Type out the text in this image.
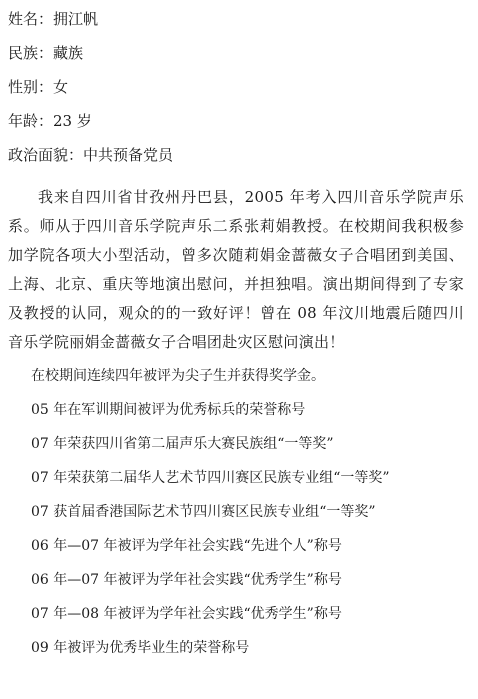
姓名：拥江帆
民族：藏族
性别：女
年龄：23 岁
政治面貌：中共预备党员
我来自四川省甘孜州丹巴县，2005 年考入四川音乐学院声乐系。师从于四川音乐学院声乐二系张莉娟教授。在校期间我积极参加学院各项大小型活动，曾多次随莉娟金蔷薇女子合唱团到美国、上海、北京、重庆等地演出慰问，并担独唱。演出期间得到了专家及教授的认同，观众的的一致好评！曾在 08 年汶川地震后随四川音乐学院丽娟金蔷薇女子合唱团赴灾区慰问演出！
在校期间连续四年被评为尖子生并获得奖学金。
05 年在军训期间被评为优秀标兵的荣誉称号
07 年荣获四川省第二届声乐大赛民族组“一等奖”
07 年荣获第二届华人艺术节四川赛区民族专业组“一等奖”
07 获首届香港国际艺术节四川赛区民族专业组“一等奖”
06 年—07 年被评为学年社会实践“先进个人”称号
06 年—07 年被评为学年社会实践“优秀学生”称号
07 年—08 年被评为学年社会实践“优秀学生”称号
09 年被评为优秀毕业生的荣誉称号
